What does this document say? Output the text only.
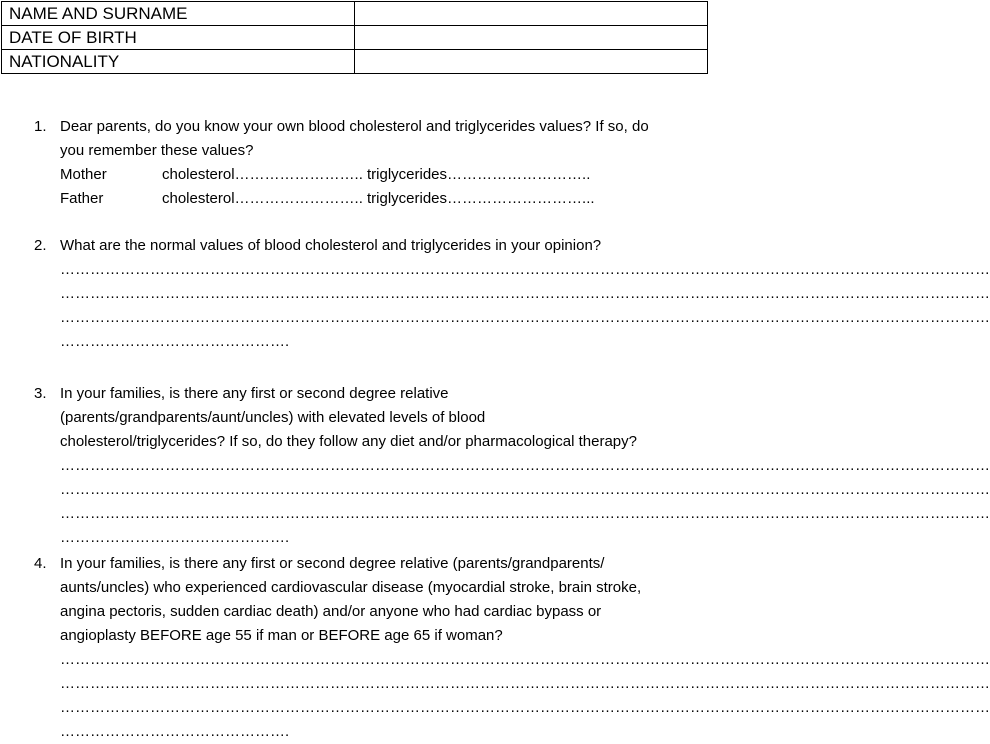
NAME AND SURNAME	
DATE OF BIRTH	
NATIONALITY	
1. Dear parents, do you know your own blood cholesterol and triglycerides values? If so, do

you remember these values?

Mother	cholesterol…………………….. triglycerides………………………..
Father	cholesterol…………………….. triglycerides………………………...
2. What are the normal values of blood cholesterol and triglycerides in your opinion?

……………………………………………………………………………………………………………………………………………………………………
……………………………………………………………………………………………………………………………………………………………………
……………………………………………………………………………………………………………………………………………………………………
……………………………………….
3. In your families, is there any first or second degree relative

(parents/grandparents/aunt/uncles) with elevated levels of blood

cholesterol/triglycerides? If so, do they follow any diet and/or pharmacological therapy?

……………………………………………………………………………………………………………………………………………………………………
……………………………………………………………………………………………………………………………………………………………………
……………………………………………………………………………………………………………………………………………………………………
……………………………………….
4. In your families, is there any first or second degree relative (parents/grandparents/

aunts/uncles) who experienced cardiovascular disease (myocardial stroke, brain stroke,

angina pectoris, sudden cardiac death) and/or anyone who had cardiac bypass or

angioplasty BEFORE age 55 if man or BEFORE age 65 if woman?

……………………………………………………………………………………………………………………………………………………………………
……………………………………………………………………………………………………………………………………………………………………
……………………………………………………………………………………………………………………………………………………………………
……………………………………….
